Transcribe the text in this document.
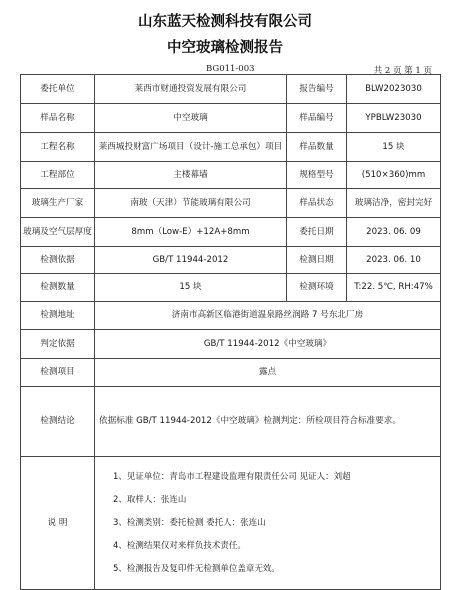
山东蓝天检测科技有限公司
中空玻璃检测报告
BG011-003	共 2 页 第 1 页
委托单位	莱西市财通投资发展有限公司	报告编号	BLW2023030
样品名称	中空玻璃	样品编号	YPBLW23030
工程名称	莱西城投财富广场项目（设计-施工总承包）项目	样品数量	15 块
工程部位	主楼幕墙	规格型号	(510×360)mm
玻璃生产厂家	南玻（天津）节能玻璃有限公司	样品状态	玻璃洁净，密封完好
玻璃及空气层厚度	8mm（Low-E）+12A+8mm	委托日期	2023. 06. 09
检测依据	GB/T 11944-2012	检测日期	2023. 06. 10
检测数量	15 块	检测环境	T:22. 5℃, RH:47%
检测地址	济南市高新区临港街道温泉路丝润路 7 号东北厂房		
判定依据	GB/T 11944-2012《中空玻璃》		
检测项目	露点		
检测结论	依据标准 GB/T 11944-2012《中空玻璃》检测判定：所检项目符合标准要求。		
说 明	1、见证单位：青岛市工程建设监理有限责任公司 见证人：刘超
2、取样人：张连山
3、检测类别：委托检测 委托人：张连山
4、检测结果仅对来样负技术责任。
5、检测报告及复印件无检测单位盖章无效。		
